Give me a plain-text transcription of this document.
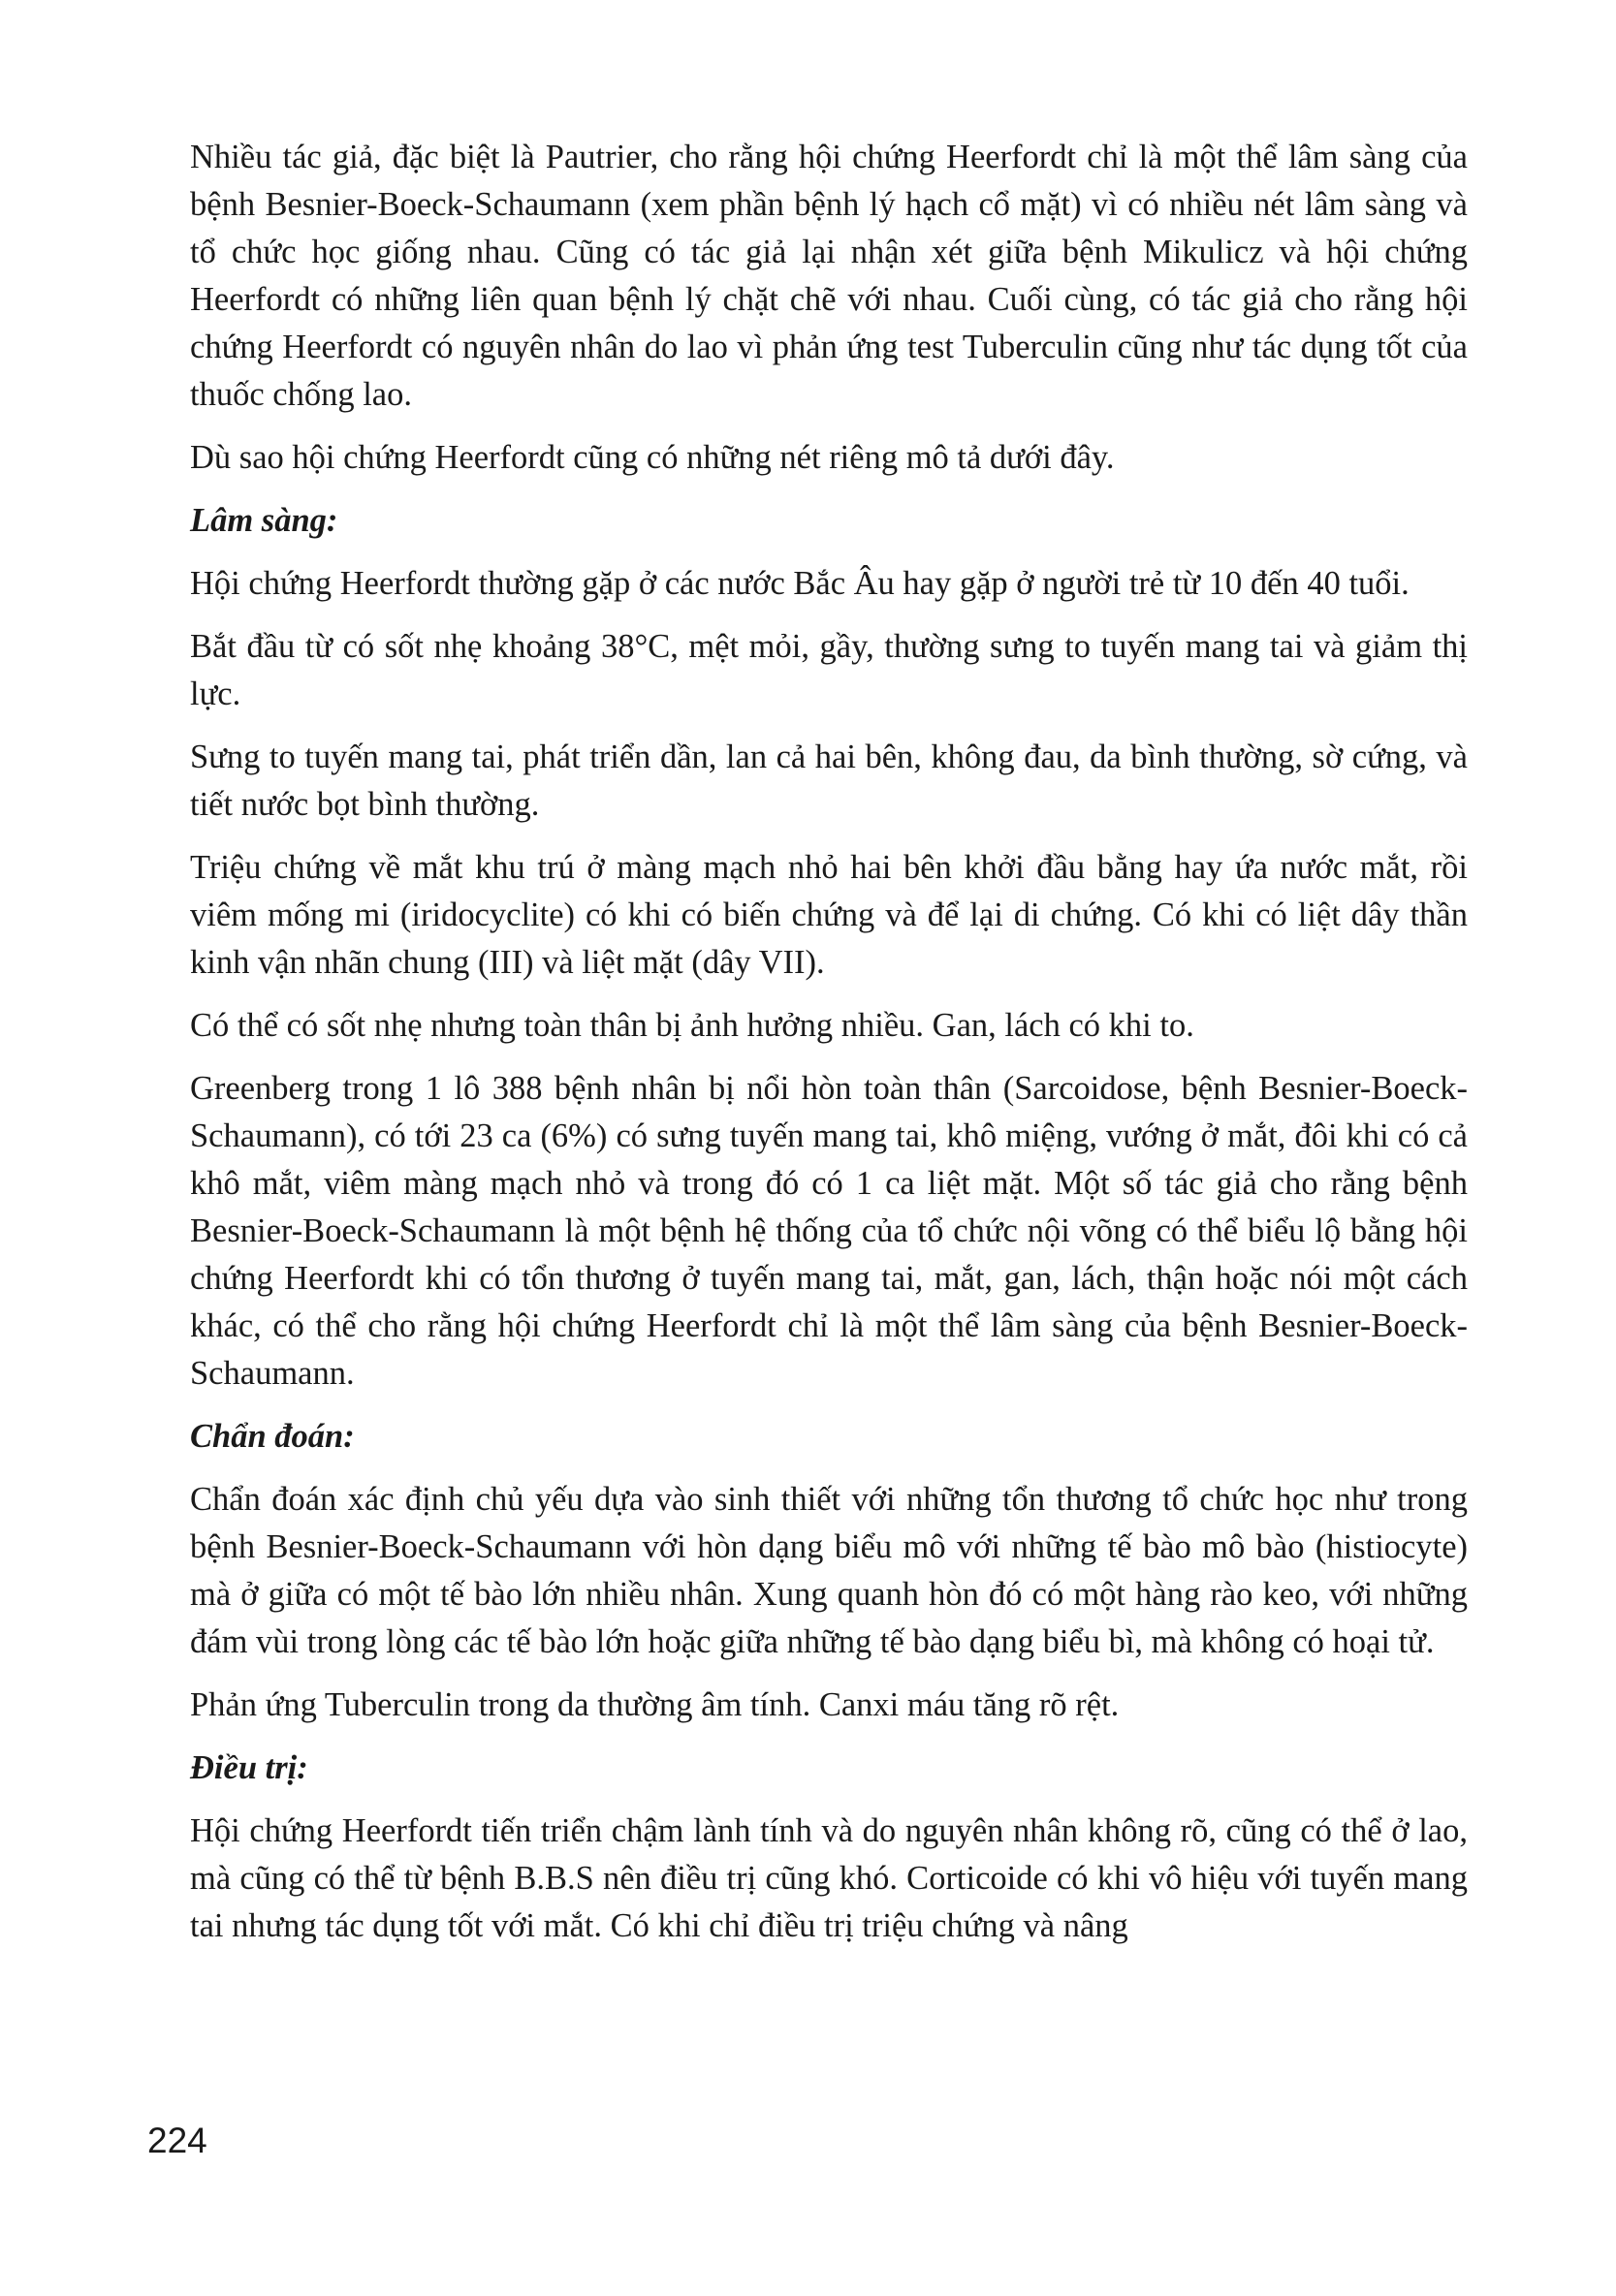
Nhiều tác giả, đặc biệt là Pautrier, cho rằng hội chứng Heerfordt chỉ là một thể lâm sàng của bệnh Besnier-Boeck-Schaumann (xem phần bệnh lý hạch cổ mặt) vì có nhiều nét lâm sàng và tổ chức học giống nhau. Cũng có tác giả lại nhận xét giữa bệnh Mikulicz và hội chứng Heerfordt có những liên quan bệnh lý chặt chẽ với nhau. Cuối cùng, có tác giả cho rằng hội chứng Heerfordt có nguyên nhân do lao vì phản ứng test Tuberculin cũng như tác dụng tốt của thuốc chống lao.

Dù sao hội chứng Heerfordt cũng có những nét riêng mô tả dưới đây.

Lâm sàng:

Hội chứng Heerfordt thường gặp ở các nước Bắc Âu hay gặp ở người trẻ từ 10 đến 40 tuổi.

Bắt đầu từ có sốt nhẹ khoảng 38°C, mệt mỏi, gầy, thường sưng to tuyến mang tai và giảm thị lực.

Sưng to tuyến mang tai, phát triển dần, lan cả hai bên, không đau, da bình thường, sờ cứng, và tiết nước bọt bình thường.

Triệu chứng về mắt khu trú ở màng mạch nhỏ hai bên khởi đầu bằng hay ứa nước mắt, rồi viêm mống mi (iridocyclite) có khi có biến chứng và để lại di chứng. Có khi có liệt dây thần kinh vận nhãn chung (III) và liệt mặt (dây VII).

Có thể có sốt nhẹ nhưng toàn thân bị ảnh hưởng nhiều. Gan, lách có khi to.

Greenberg trong 1 lô 388 bệnh nhân bị nổi hòn toàn thân (Sarcoidose, bệnh Besnier-Boeck-Schaumann), có tới 23 ca (6%) có sưng tuyến mang tai, khô miệng, vướng ở mắt, đôi khi có cả khô mắt, viêm màng mạch nhỏ và trong đó có 1 ca liệt mặt. Một số tác giả cho rằng bệnh Besnier-Boeck-Schaumann là một bệnh hệ thống của tổ chức nội võng có thể biểu lộ bằng hội chứng Heerfordt khi có tổn thương ở tuyến mang tai, mắt, gan, lách, thận hoặc nói một cách khác, có thể cho rằng hội chứng Heerfordt chỉ là một thể lâm sàng của bệnh Besnier-Boeck-Schaumann.

Chẩn đoán:

Chẩn đoán xác định chủ yếu dựa vào sinh thiết với những tổn thương tổ chức học như trong bệnh Besnier-Boeck-Schaumann với hòn dạng biểu mô với những tế bào mô bào (histiocyte) mà ở giữa có một tế bào lớn nhiều nhân. Xung quanh hòn đó có một hàng rào keo, với những đám vùi trong lòng các tế bào lớn hoặc giữa những tế bào dạng biểu bì, mà không có hoại tử.

Phản ứng Tuberculin trong da thường âm tính. Canxi máu tăng rõ rệt.

Điều trị:

Hội chứng Heerfordt tiến triển chậm lành tính và do nguyên nhân không rõ, cũng có thể ở lao, mà cũng có thể từ bệnh B.B.S nên điều trị cũng khó. Corticoide có khi vô hiệu với tuyến mang tai nhưng tác dụng tốt với mắt. Có khi chỉ điều trị triệu chứng và nâng

224
